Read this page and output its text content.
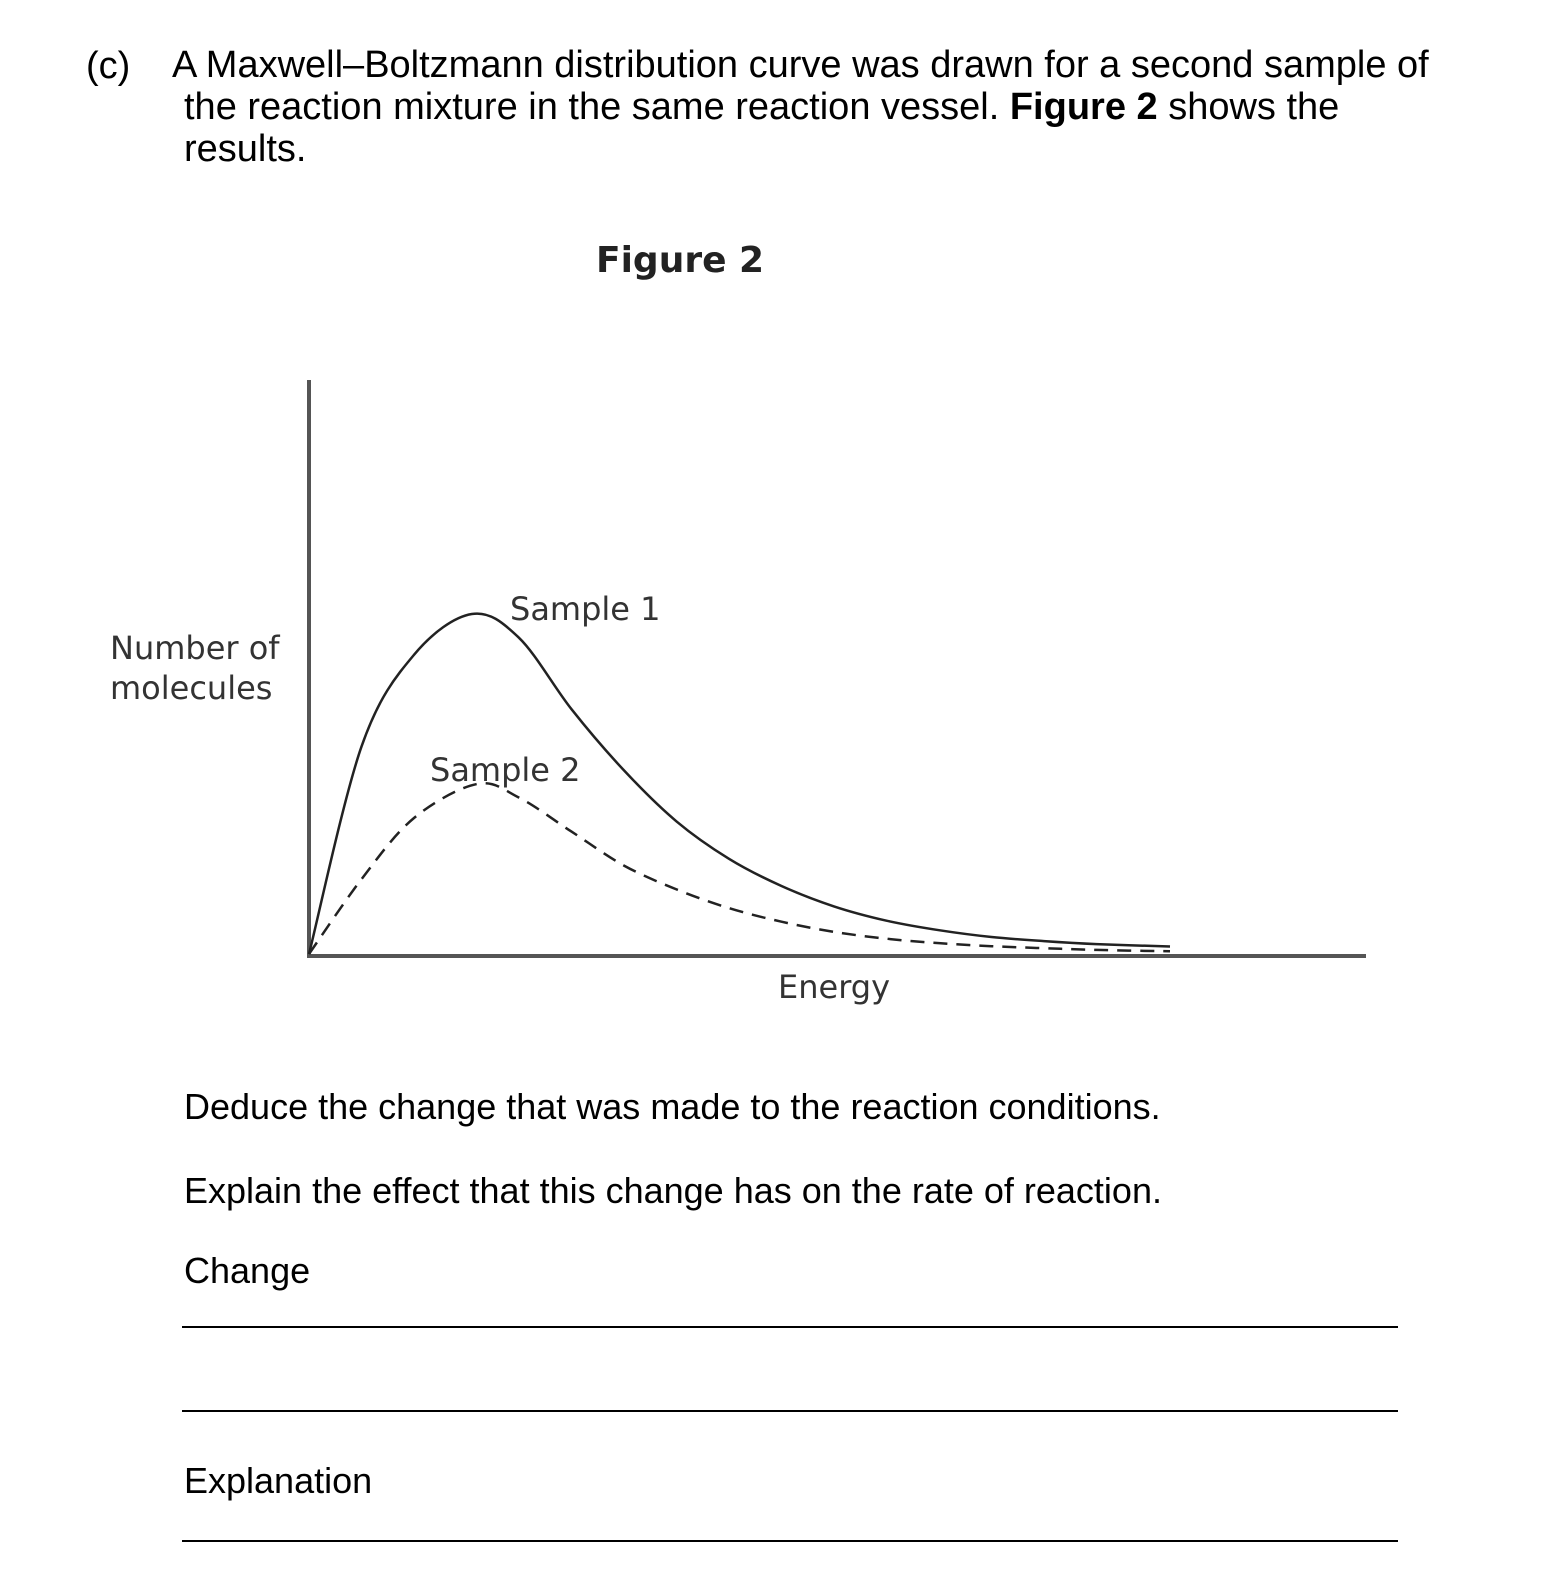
(c) A Maxwell–Boltzmann distribution curve was drawn for a second sample of
the reaction mixture in the same reaction vessel. Figure 2 shows the
results.
Figure 2
Sample 1
Sample 2
Number of
molecules
Energy
Deduce the change that was made to the reaction conditions.
Explain the effect that this change has on the rate of reaction.
Change
Explanation
